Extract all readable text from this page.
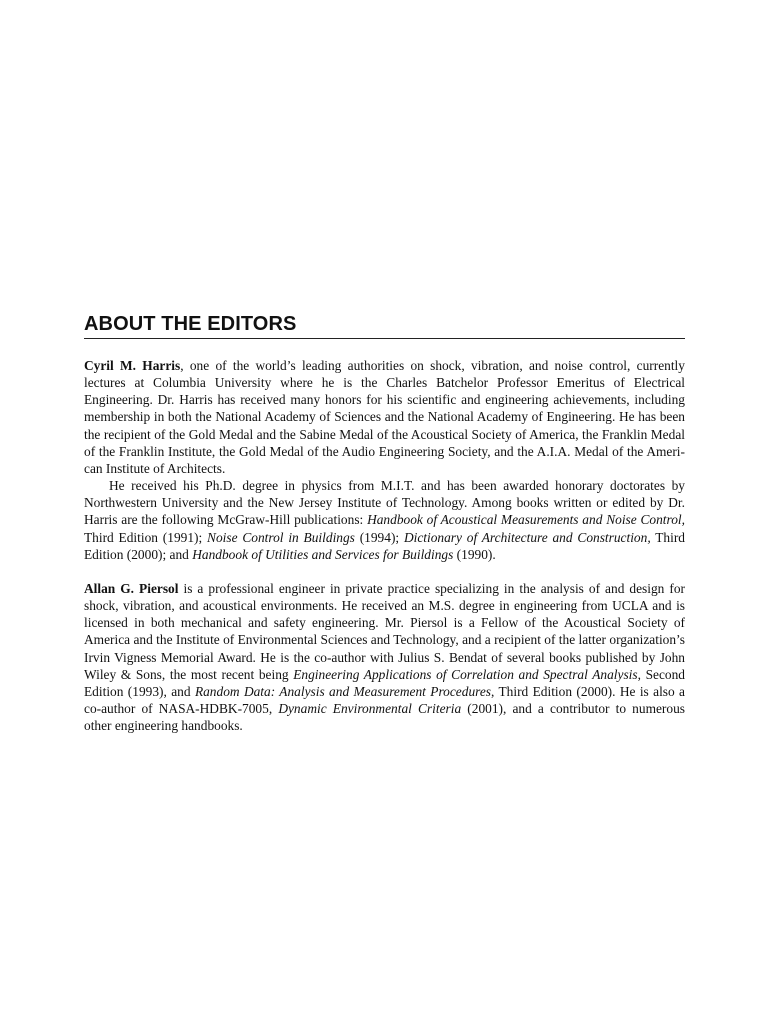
ABOUT THE EDITORS

Cyril M. Harris, one of the world’s leading authorities on shock, vibration, and noise control, currently lectures at Columbia University where he is the Charles Batchelor Professor Emeritus of Electrical Engineering. Dr. Harris has received many honors for his scientific and engineering achievements, including membership in both the National Academy of Sciences and the National Academy of Engineering. He has been the recipient of the Gold Medal and the Sabine Medal of the Acoustical Society of America, the Franklin Medal of the Franklin Institute, the Gold Medal of the Audio Engineering Society, and the A.I.A. Medal of the American Institute of Architects.

He received his Ph.D. degree in physics from M.I.T. and has been awarded honorary doctorates by Northwestern University and the New Jersey Institute of Technology. Among books written or edited by Dr. Harris are the following McGraw-Hill publications: Handbook of Acoustical Measurements and Noise Control, Third Edition (1991); Noise Control in Buildings (1994); Dictionary of Architecture and Construction, Third Edition (2000); and Handbook of Utilities and Services for Buildings (1990).

Allan G. Piersol is a professional engineer in private practice specializing in the analysis of and design for shock, vibration, and acoustical environments. He received an M.S. degree in engineering from UCLA and is licensed in both mechanical and safety engineering. Mr. Piersol is a Fellow of the Acoustical Society of America and the Institute of Environmental Sciences and Technology, and a recipient of the latter organization’s Irvin Vigness Memorial Award. He is the co-author with Julius S. Bendat of several books published by John Wiley & Sons, the most recent being Engineering Applications of Correlation and Spectral Analysis, Second Edition (1993), and Random Data: Analysis and Measurement Procedures, Third Edition (2000). He is also a co-author of NASA-HDBK-7005, Dynamic Environmental Criteria (2001), and a contributor to numerous other engineering handbooks.
